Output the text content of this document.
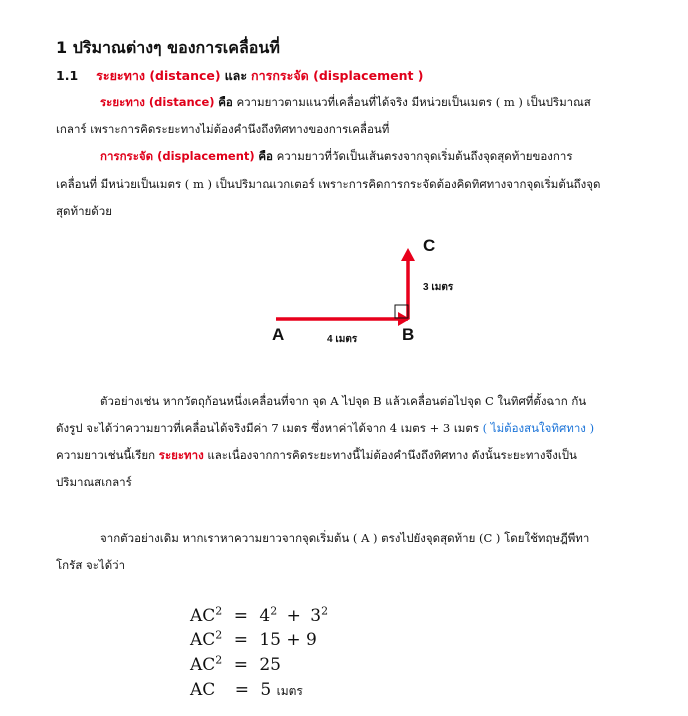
1 ปริมาณต่างๆ ของการเคลื่อนที่
1.1 ระยะทาง (distance) และ การกระจัด (displacement )
ระยะทาง (distance) คือ ความยาวตามแนวที่เคลื่อนที่ได้จริง มีหน่วยเป็นเมตร ( m ) เป็นปริมาณส
เกลาร์ เพราะการคิดระยะทางไม่ต้องคำนึงถึงทิศทางของการเคลื่อนที่
การกระจัด (displacement) คือ ความยาวที่วัดเป็นเส้นตรงจากจุดเริ่มต้นถึงจุดสุดท้ายของการ
เคลื่อนที่ มีหน่วยเป็นเมตร ( m ) เป็นปริมาณเวกเตอร์ เพราะการคิดการกระจัดต้องคิดทิศทางจากจุดเริ่มต้นถึงจุด
สุดท้ายด้วย
A	B
C
4 เมตร
3 เมตร
ตัวอย่างเช่น หากวัตถุก้อนหนึ่งเคลื่อนที่จาก จุด A ไปจุด B แล้วเคลื่อนต่อไปจุด C ในทิศที่ตั้งฉาก กัน
ดังรูป จะได้ว่าความยาวที่เคลื่อนได้จริงมีค่า 7 เมตร ซึ่งหาค่าได้จาก 4 เมตร + 3 เมตร ( ไม่ต้องสนใจทิศทาง )
ความยาวเช่นนี้เรียก ระยะทาง และเนื่องจากการคิดระยะทางนี้ไม่ต้องคำนึงถึงทิศทาง ดังนั้นระยะทางจึงเป็น
ปริมาณสเกลาร์
จากตัวอย่างเดิม หากเราหาความยาวจากจุดเริ่มต้น ( A ) ตรงไปยังจุดสุดท้าย (C ) โดยใช้ทฤษฎีพีทา
โกรัส จะได้ว่า
$AC^2 = 4^2 + 3^2$
$AC^2 = 15 + 9$
$AC^2 = 25$
AC = 5 เมตร
